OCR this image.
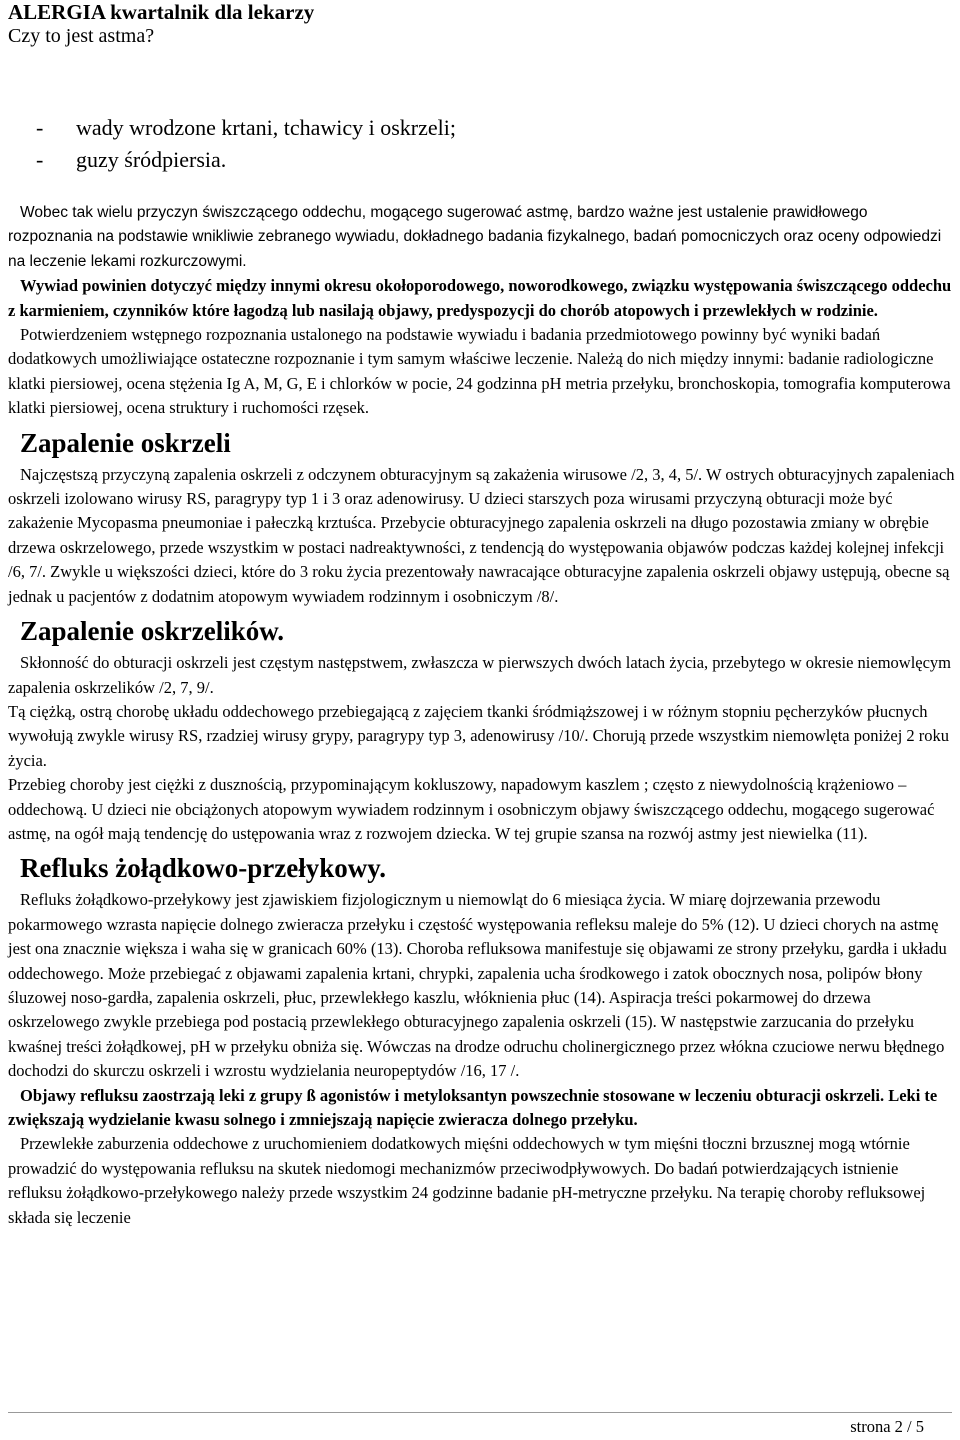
ALERGIA kwartalnik dla lekarzy
Czy to jest astma?
-	wady wrodzone krtani, tchawicy i oskrzeli;
-	guzy śródpiersia.

Wobec tak wielu przyczyn świszczącego oddechu, mogącego sugerować astmę, bardzo ważne jest ustalenie prawidłowego rozpoznania na podstawie wnikliwie zebranego wywiadu, dokładnego badania fizykalnego, badań pomocniczych oraz oceny odpowiedzi na leczenie lekami rozkurczowymi.

Wywiad powinien dotyczyć między innymi okresu okołoporodowego, noworodkowego, związku występowania świszczącego oddechu z karmieniem, czynników które łagodzą lub nasilają objawy, predyspozycji do chorób atopowych i przewlekłych w rodzinie.

Potwierdzeniem wstępnego rozpoznania ustalonego na podstawie wywiadu i badania przedmiotowego powinny być wyniki badań dodatkowych umożliwiające ostateczne rozpoznanie i tym samym właściwe leczenie. Należą do nich między innymi: badanie radiologiczne klatki piersiowej, ocena stężenia Ig A, M, G, E i chlorków w pocie, 24 godzinna pH metria przełyku, bronchoskopia, tomografia komputerowa klatki piersiowej, ocena struktury i ruchomości rzęsek.

Zapalenie oskrzeli

Najczęstszą przyczyną zapalenia oskrzeli z odczynem obturacyjnym są zakażenia wirusowe /2, 3, 4, 5/. W ostrych obturacyjnych zapaleniach oskrzeli izolowano wirusy RS, paragrypy typ 1 i 3 oraz adenowirusy. U dzieci starszych poza wirusami przyczyną obturacji może być zakażenie Mycopasma pneumoniae i pałeczką krztuśca. Przebycie obturacyjnego zapalenia oskrzeli na długo pozostawia zmiany w obrębie drzewa oskrzelowego, przede wszystkim w postaci nadreaktywności, z tendencją do występowania objawów podczas każdej kolejnej infekcji /6, 7/. Zwykle u większości dzieci, które do 3 roku życia prezentowały nawracające obturacyjne zapalenia oskrzeli objawy ustępują, obecne są jednak u pacjentów z dodatnim atopowym wywiadem rodzinnym i osobniczym /8/.

Zapalenie oskrzelików.

Skłonność do obturacji oskrzeli jest częstym następstwem, zwłaszcza w pierwszych dwóch latach życia, przebytego w okresie niemowlęcym zapalenia oskrzelików /2, 7, 9/.

Tą ciężką, ostrą chorobę układu oddechowego przebiegającą z zajęciem tkanki śródmiąższowej i w różnym stopniu pęcherzyków płucnych wywołują zwykle wirusy RS, rzadziej wirusy grypy, paragrypy typ 3, adenowirusy /10/. Chorują przede wszystkim niemowlęta poniżej 2 roku życia.

Przebieg choroby jest ciężki z dusznością, przypominającym kokluszowy, napadowym kaszlem ; często z niewydolnością krążeniowo – oddechową. U dzieci nie obciążonych atopowym wywiadem rodzinnym i osobniczym objawy świszczącego oddechu, mogącego sugerować astmę, na ogół mają tendencję do ustępowania wraz z rozwojem dziecka. W tej grupie szansa na rozwój astmy jest niewielka (11).

Refluks żołądkowo-przełykowy.

Refluks żołądkowo-przełykowy jest zjawiskiem fizjologicznym u niemowląt do 6 miesiąca życia. W miarę dojrzewania przewodu pokarmowego wzrasta napięcie dolnego zwieracza przełyku i częstość występowania refleksu maleje do 5% (12). U dzieci chorych na astmę jest ona znacznie większa i waha się w granicach 60% (13). Choroba refluksowa manifestuje się objawami ze strony przełyku, gardła i układu oddechowego. Może przebiegać z objawami zapalenia krtani, chrypki, zapalenia ucha środkowego i zatok obocznych nosa, polipów błony śluzowej noso-gardła, zapalenia oskrzeli, płuc, przewlekłego kaszlu, włóknienia płuc (14). Aspiracja treści pokarmowej do drzewa oskrzelowego zwykle przebiega pod postacią przewlekłego obturacyjnego zapalenia oskrzeli (15). W następstwie zarzucania do przełyku kwaśnej treści żołądkowej, pH w przełyku obniża się. Wówczas na drodze odruchu cholinergicznego przez włókna czuciowe nerwu błędnego dochodzi do skurczu oskrzeli i wzrostu wydzielania neuropeptydów /16, 17 /.

Objawy refluksu zaostrzają leki z grupy ß agonistów i metyloksantyn powszechnie stosowane w leczeniu obturacji oskrzeli. Leki te zwiększają wydzielanie kwasu solnego i zmniejszają napięcie zwieracza dolnego przełyku.

Przewlekłe zaburzenia oddechowe z uruchomieniem dodatkowych mięśni oddechowych w tym mięśni tłoczni brzusznej mogą wtórnie prowadzić do występowania refluksu na skutek niedomogi mechanizmów przeciwodpływowych. Do badań potwierdzających istnienie refluksu żołądkowo-przełykowego należy przede wszystkim 24 godzinne badanie pH-metryczne przełyku. Na terapię choroby refluksowej składa się leczenie

strona 2 / 5
